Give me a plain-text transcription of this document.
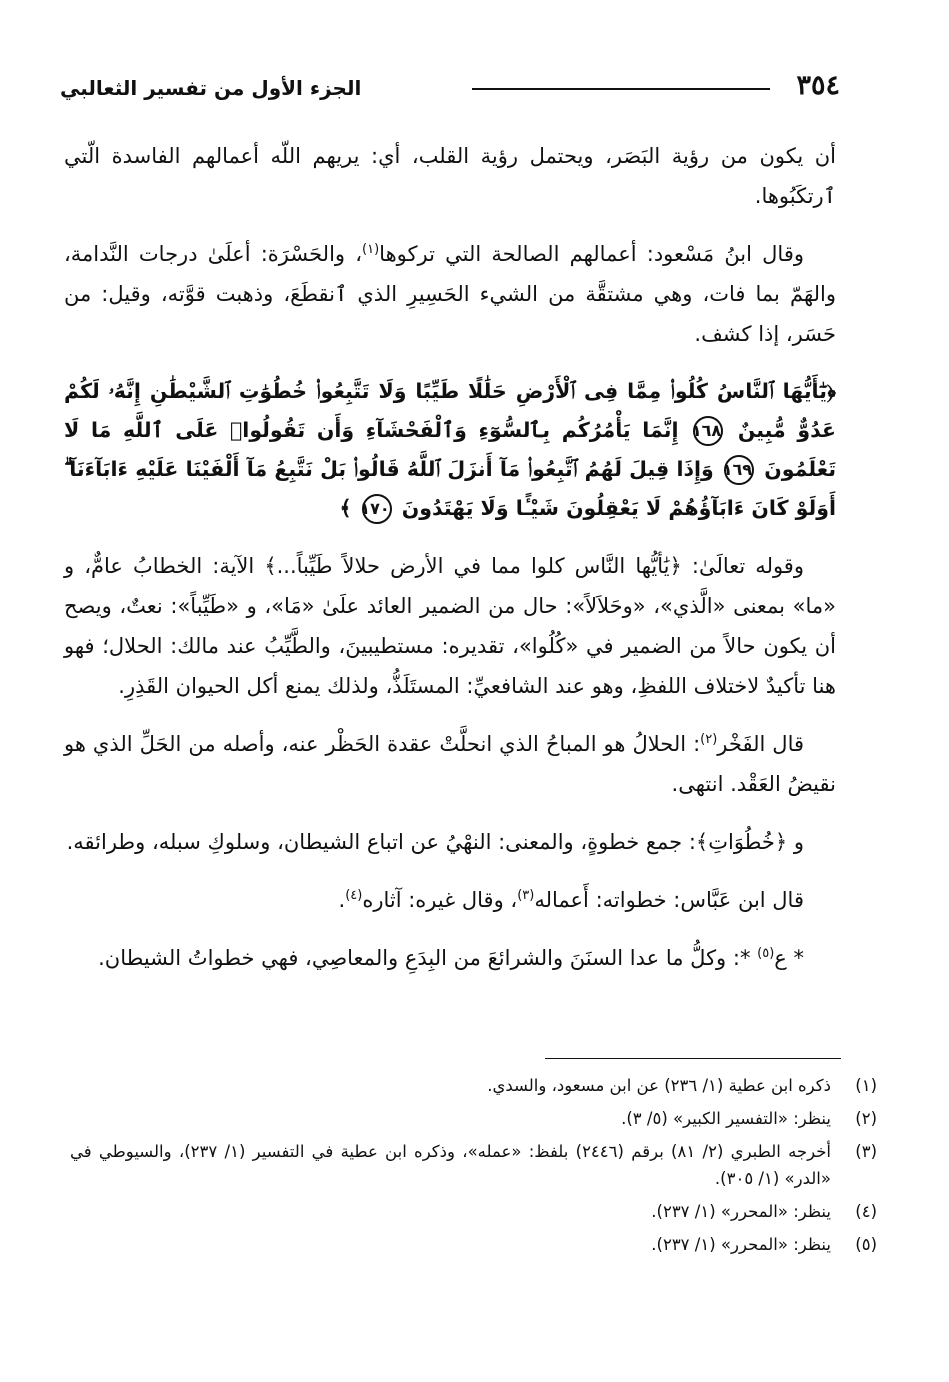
٣٥٤
الجزء الأول من تفسير الثعالبي

أن يكون من رؤية البَصَر، ويحتمل رؤية القلب، أي: يريهم اللّه أعمالهم الفاسدة الّتي ٱرتكَبُوها.

وقال ابنُ مَسْعود: أعمالهم الصالحة التي تركوها$^{(١)}$، والحَسْرَة: أعلَىٰ درجات النَّدامة، والهَمّ بما فات، وهي مشتقَّة من الشيء الحَسِيرِ الذي ٱنقطَعَ، وذهبت قوَّته، وقيل: من حَسَر، إذا كشف.

﴿يَٰٓأَيُّهَا ٱلنَّاسُ كُلُوا۟ مِمَّا فِى ٱلْأَرْضِ حَلَٰلًا طَيِّبًا وَلَا تَتَّبِعُوا۟ خُطُوَٰتِ ٱلشَّيْطَٰنِ إِنَّهُۥ لَكُمْ عَدُوٌّ مُّبِينٌ ١٦٨ إِنَّمَا يَأْمُرُكُم بِٱلسُّوٓءِ وَٱلْفَحْشَآءِ وَأَن تَقُولُوا۟ عَلَى ٱللَّهِ مَا لَا تَعْلَمُونَ ١٦٩ وَإِذَا قِيلَ لَهُمُ ٱتَّبِعُوا۟ مَآ أَنزَلَ ٱللَّهُ قَالُوا۟ بَلْ نَتَّبِعُ مَآ أَلْفَيْنَا عَلَيْهِ ءَابَآءَنَآ ۗ أَوَلَوْ كَانَ ءَابَآؤُهُمْ لَا يَعْقِلُونَ شَيْـًٔا وَلَا يَهْتَدُونَ ١٧٠ ﴾

وقوله تعالَىٰ: ﴿يَٰأيُّها النَّاس كلوا مما في الأرض حلالاً طَيِّباً...﴾ الآية: الخطابُ عامٌّ، و «ما» بمعنى «الَّذي»، «وحَلاَلاً»: حال من الضمير العائد علَىٰ «مَا»، و «طَيِّباً»: نعتٌ، ويصح أن يكون حالاً من الضمير في «كُلُوا»، تقديره: مستطيبينَ، والطَّيِّبُ عند مالك: الحلال؛ فهو هنا تأكيدٌ لاختلاف اللفظِ، وهو عند الشافعيِّ: المستَلَذُّ، ولذلك يمنع أكل الحيوان القَذِرِ.

قال الفَخْر$^{(٢)}$: الحلالُ هو المباحُ الذي انحلَّتْ عقدة الحَظْر عنه، وأصله من الحَلِّ الذي هو نقيضُ العَقْد. انتهى.

و ﴿خُطُوَاتِ﴾: جمع خطوةٍ، والمعنى: النهْيُ عن اتباع الشيطان، وسلوكِ سبله، وطرائقه.

قال ابن عَبَّاس: خطواته: أَعماله$^{(٣)}$، وقال غيره: آثاره$^{(٤)}$.

* ع$^{(٥)}$ *: وكلُّ ما عدا السنَنَ والشرائعَ من البِدَعِ والمعاصِي، فهي خطواتُ الشيطان.

(١)
ذكره ابن عطية (١/ ٢٣٦) عن ابن مسعود، والسدي.
(٢)
ينظر: «التفسير الكبير» (٥/ ٣).
(٣)
أخرجه الطبري (٢/ ٨١) برقم (٢٤٤٦) بلفظ: «عمله»، وذكره ابن عطية في التفسير (١/ ٢٣٧)، والسيوطي في «الدر» (١/ ٣٠٥).
(٤)
ينظر: «المحرر» (١/ ٢٣٧).
(٥)
ينظر: «المحرر» (١/ ٢٣٧).
